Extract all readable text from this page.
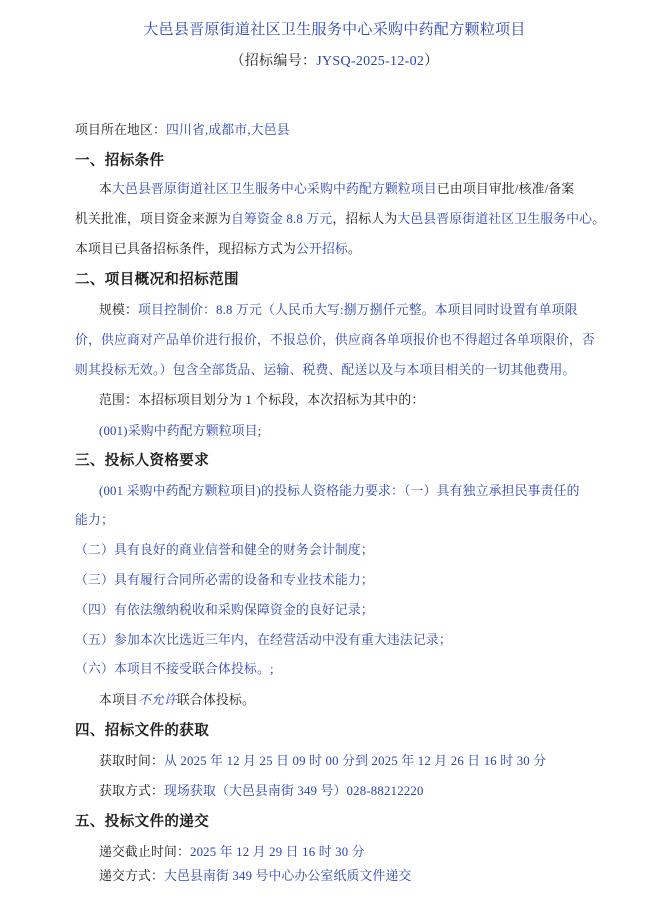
大邑县晋原街道社区卫生服务中心采购中药配方颗粒项目
（招标编号：JYSQ-2025-12-02）
项目所在地区：四川省,成都市,大邑县
一、招标条件
本大邑县晋原街道社区卫生服务中心采购中药配方颗粒项目已由项目审批/核准/备案
机关批准，项目资金来源为自筹资金 8.8 万元，招标人为大邑县晋原街道社区卫生服务中心。
本项目已具备招标条件，现招标方式为公开招标。
二、项目概况和招标范围
规模：项目控制价：8.8 万元（人民币大写:捌万捌仟元整。本项目同时设置有单项限
价，供应商对产品单价进行报价，不报总价，供应商各单项报价也不得超过各单项限价，否
则其投标无效。）包含全部货品、运输、税费、配送以及与本项目相关的一切其他费用。
范围：本招标项目划分为 1 个标段，本次招标为其中的：
(001)采购中药配方颗粒项目;
三、投标人资格要求
(001 采购中药配方颗粒项目)的投标人资格能力要求：（一）具有独立承担民事责任的
能力；
（二）具有良好的商业信誉和健全的财务会计制度；
（三）具有履行合同所必需的设备和专业技术能力；
（四）有依法缴纳税收和采购保障资金的良好记录；
（五）参加本次比选近三年内，在经营活动中没有重大违法记录；
（六）本项目不接受联合体投标。;
本项目不允许联合体投标。
四、招标文件的获取
获取时间：从 2025 年 12 月 25 日 09 时 00 分到 2025 年 12 月 26 日 16 时 30 分
获取方式：现场获取（大邑县南街 349 号）028-88212220
五、投标文件的递交
递交截止时间：2025 年 12 月 29 日 16 时 30 分
递交方式：大邑县南街 349 号中心办公室纸质文件递交
